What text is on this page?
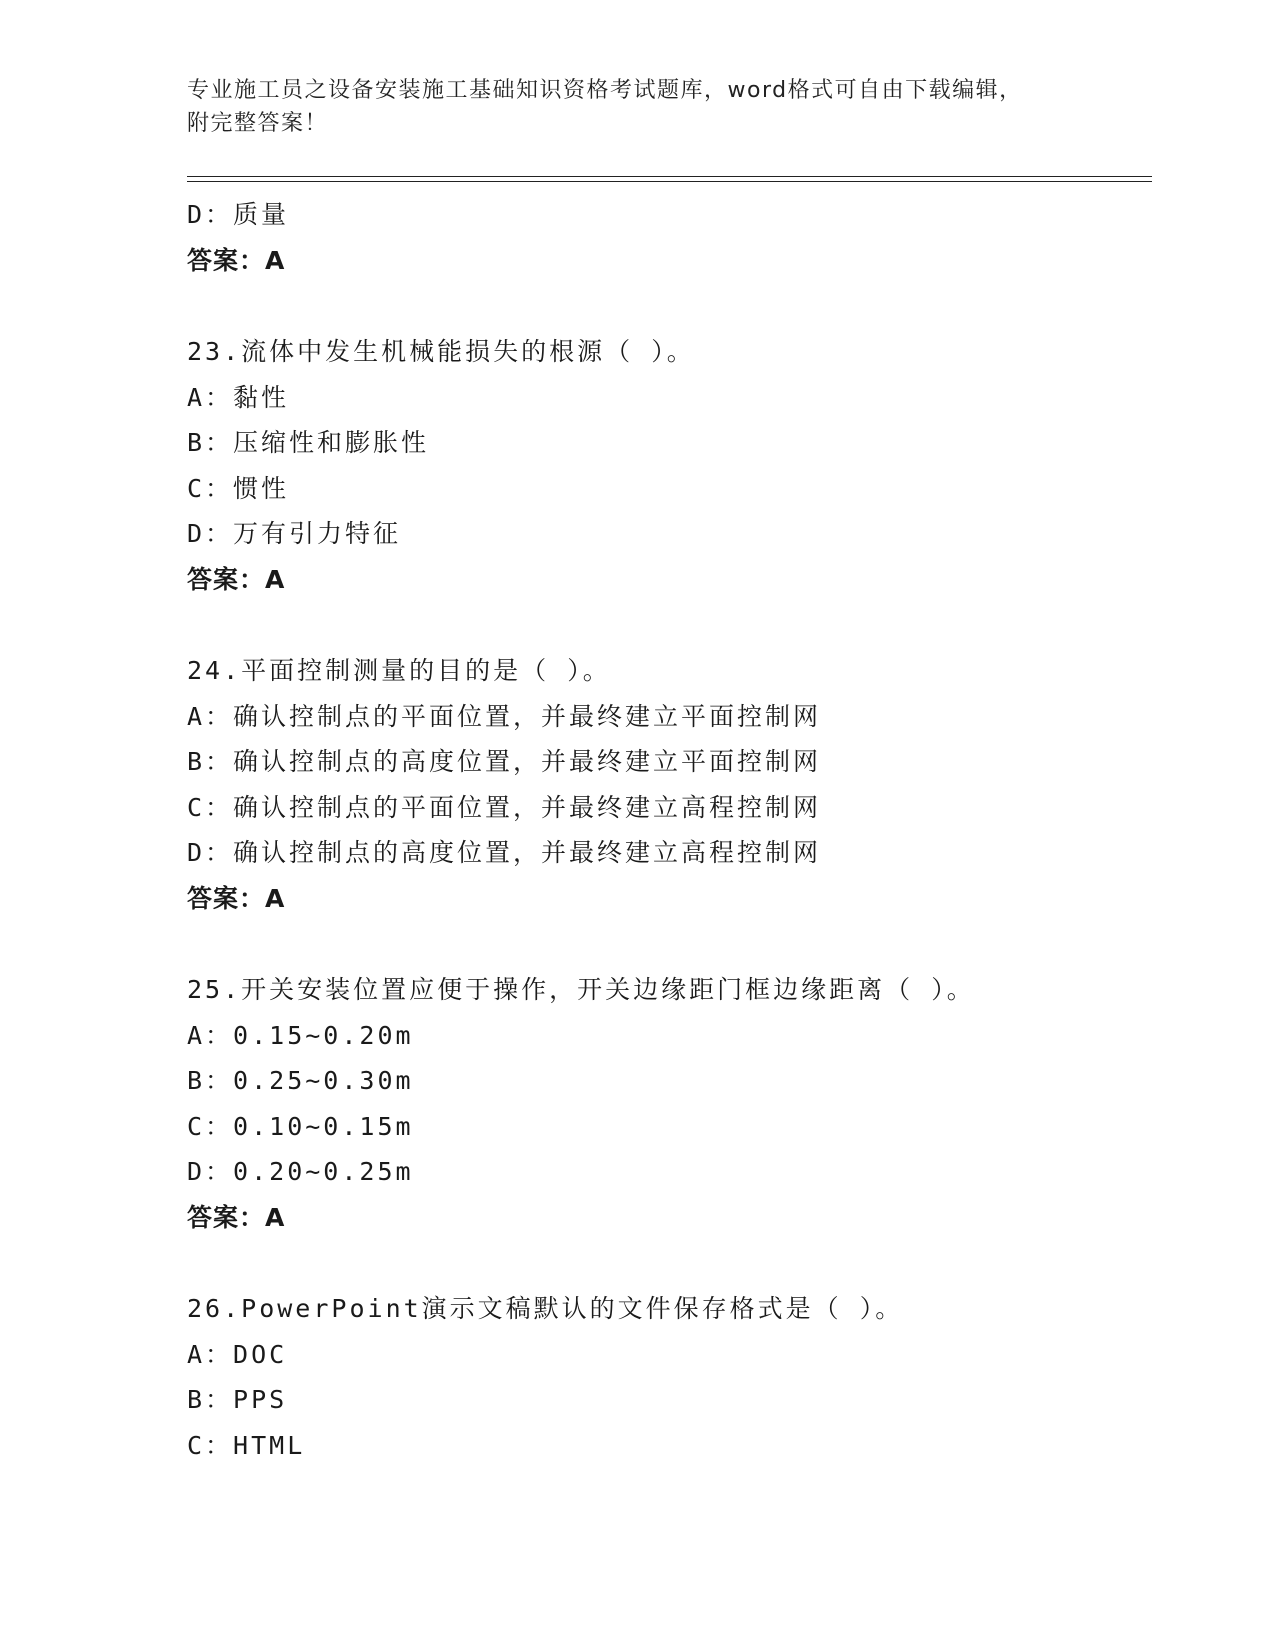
专业施工员之设备安装施工基础知识资格考试题库，word格式可自由下载编辑，
附完整答案！
D：质量
答案：A
23.流体中发生机械能损失的根源（ ）。
A：黏性
B：压缩性和膨胀性
C：惯性
D：万有引力特征
答案：A
24.平面控制测量的目的是（ ）。
A：确认控制点的平面位置，并最终建立平面控制网
B：确认控制点的高度位置，并最终建立平面控制网
C：确认控制点的平面位置，并最终建立高程控制网
D：确认控制点的高度位置，并最终建立高程控制网
答案：A
25.开关安装位置应便于操作，开关边缘距门框边缘距离（ ）。
A：0.15~0.20m
B：0.25~0.30m
C：0.10~0.15m
D：0.20~0.25m
答案：A
26.PowerPoint演示文稿默认的文件保存格式是（ ）。
A：DOC
B：PPS
C：HTML
